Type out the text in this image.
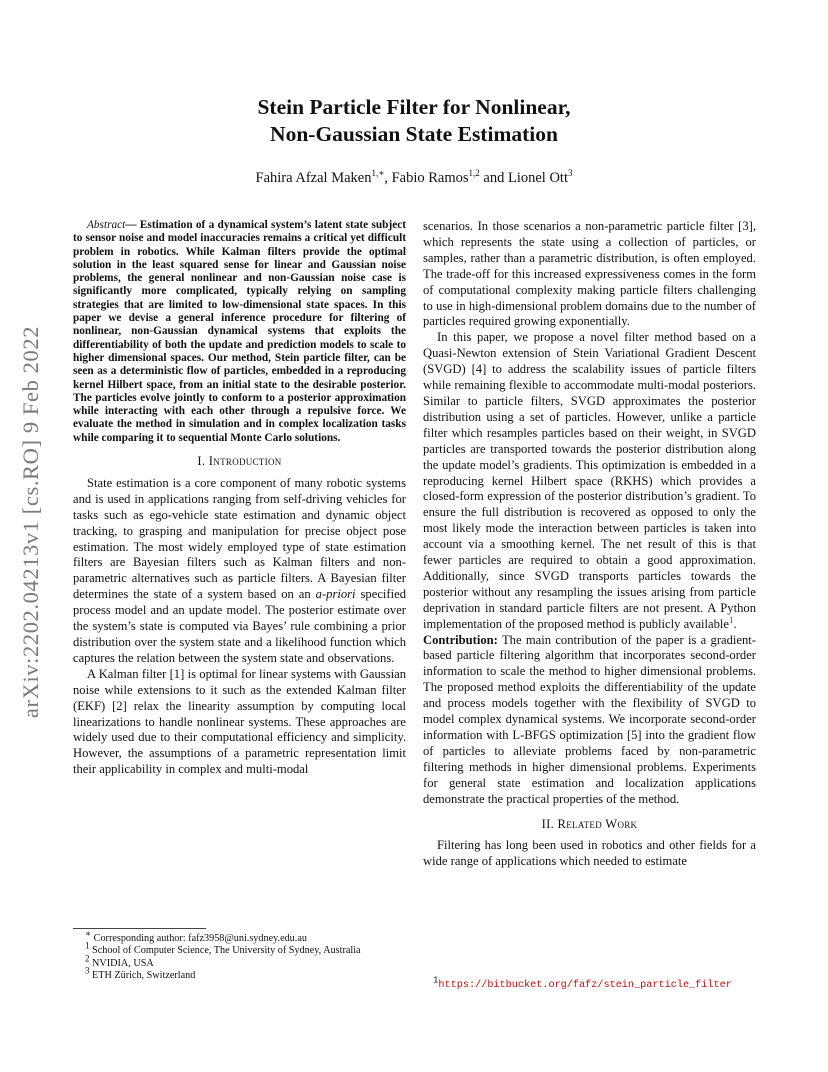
arXiv:2202.04213v1 [cs.RO] 9 Feb 2022
Stein Particle Filter for Nonlinear,
Non-Gaussian State Estimation
Fahira Afzal Maken$^{1,∗}$, Fabio Ramos$^{1,2}$ and Lionel Ott$^3$

Abstract— Estimation of a dynamical system’s latent state subject to sensor noise and model inaccuracies remains a critical yet difficult problem in robotics. While Kalman filters provide the optimal solution in the least squared sense for linear and Gaussian noise problems, the general nonlinear and non-Gaussian noise case is significantly more complicated, typically relying on sampling strategies that are limited to low-dimensional state spaces. In this paper we devise a general inference procedure for filtering of nonlinear, non-Gaussian dynamical systems that exploits the differentiability of both the update and prediction models to scale to higher dimensional spaces. Our method, Stein particle filter, can be seen as a deterministic flow of particles, embedded in a reproducing kernel Hilbert space, from an initial state to the desirable posterior. The particles evolve jointly to conform to a posterior approximation while interacting with each other through a repulsive force. We evaluate the method in simulation and in complex localization tasks while comparing it to sequential Monte Carlo solutions.

I. Introduction

State estimation is a core component of many robotic systems and is used in applications ranging from self-driving vehicles for tasks such as ego-vehicle state estimation and dynamic object tracking, to grasping and manipulation for precise object pose estimation. The most widely employed type of state estimation filters are Bayesian filters such as Kalman filters and non-parametric alternatives such as particle filters. A Bayesian filter determines the state of a system based on an a-priori specified process model and an update model. The posterior estimate over the system’s state is computed via Bayes’ rule combining a prior distribution over the system state and a likelihood function which captures the relation between the system state and observations.

A Kalman filter [1] is optimal for linear systems with Gaussian noise while extensions to it such as the extended Kalman filter (EKF) [2] relax the linearity assumption by computing local linearizations to handle nonlinear systems. These approaches are widely used due to their computational efficiency and simplicity. However, the assumptions of a parametric representation limit their applicability in complex and multi-modal

∗ Corresponding author: fafz3958@uni.sydney.edu.au

$^1$ School of Computer Science, The University of Sydney, Australia

$^2$ NVIDIA, USA

$^3$ ETH Zürich, Switzerland

scenarios. In those scenarios a non-parametric particle filter [3], which represents the state using a collection of particles, or samples, rather than a parametric distribution, is often employed. The trade-off for this increased expressiveness comes in the form of computational complexity making particle filters challenging to use in high-dimensional problem domains due to the number of particles required growing exponentially.

In this paper, we propose a novel filter method based on a Quasi-Newton extension of Stein Variational Gradient Descent (SVGD) [4] to address the scalability issues of particle filters while remaining flexible to accommodate multi-modal posteriors. Similar to particle filters, SVGD approximates the posterior distribution using a set of particles. However, unlike a particle filter which resamples particles based on their weight, in SVGD particles are transported towards the posterior distribution along the update model’s gradients. This optimization is embedded in a reproducing kernel Hilbert space (RKHS) which provides a closed-form expression of the posterior distribution’s gradient. To ensure the full distribution is recovered as opposed to only the most likely mode the interaction between particles is taken into account via a smoothing kernel. The net result of this is that fewer particles are required to obtain a good approximation. Additionally, since SVGD transports particles towards the posterior without any resampling the issues arising from particle deprivation in standard particle filters are not present. A Python implementation of the proposed method is publicly available$^1$.

Contribution: The main contribution of the paper is a gradient-based particle filtering algorithm that incorporates second-order information to scale the method to higher dimensional problems. The proposed method exploits the differentiability of the update and process models together with the flexibility of SVGD to model complex dynamical systems. We incorporate second-order information with L-BFGS optimization [5] into the gradient flow of particles to alleviate problems faced by non-parametric filtering methods in higher dimensional problems. Experiments for general state estimation and localization applications demonstrate the practical properties of the method.

II. Related Work

Filtering has long been used in robotics and other fields for a wide range of applications which needed to estimate

$^1$https://bitbucket.org/fafz/stein_particle_filter
